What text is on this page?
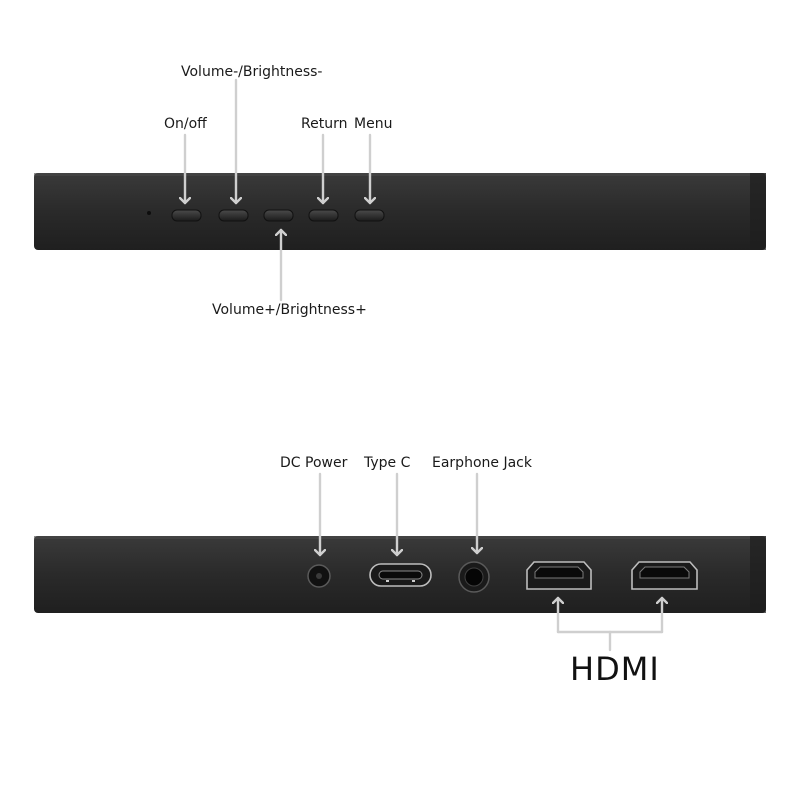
Volume-/Brightness-
On/off	Return Menu
Volume+/Brightness+
DC Power Type C Earphone Jack
HDMI
